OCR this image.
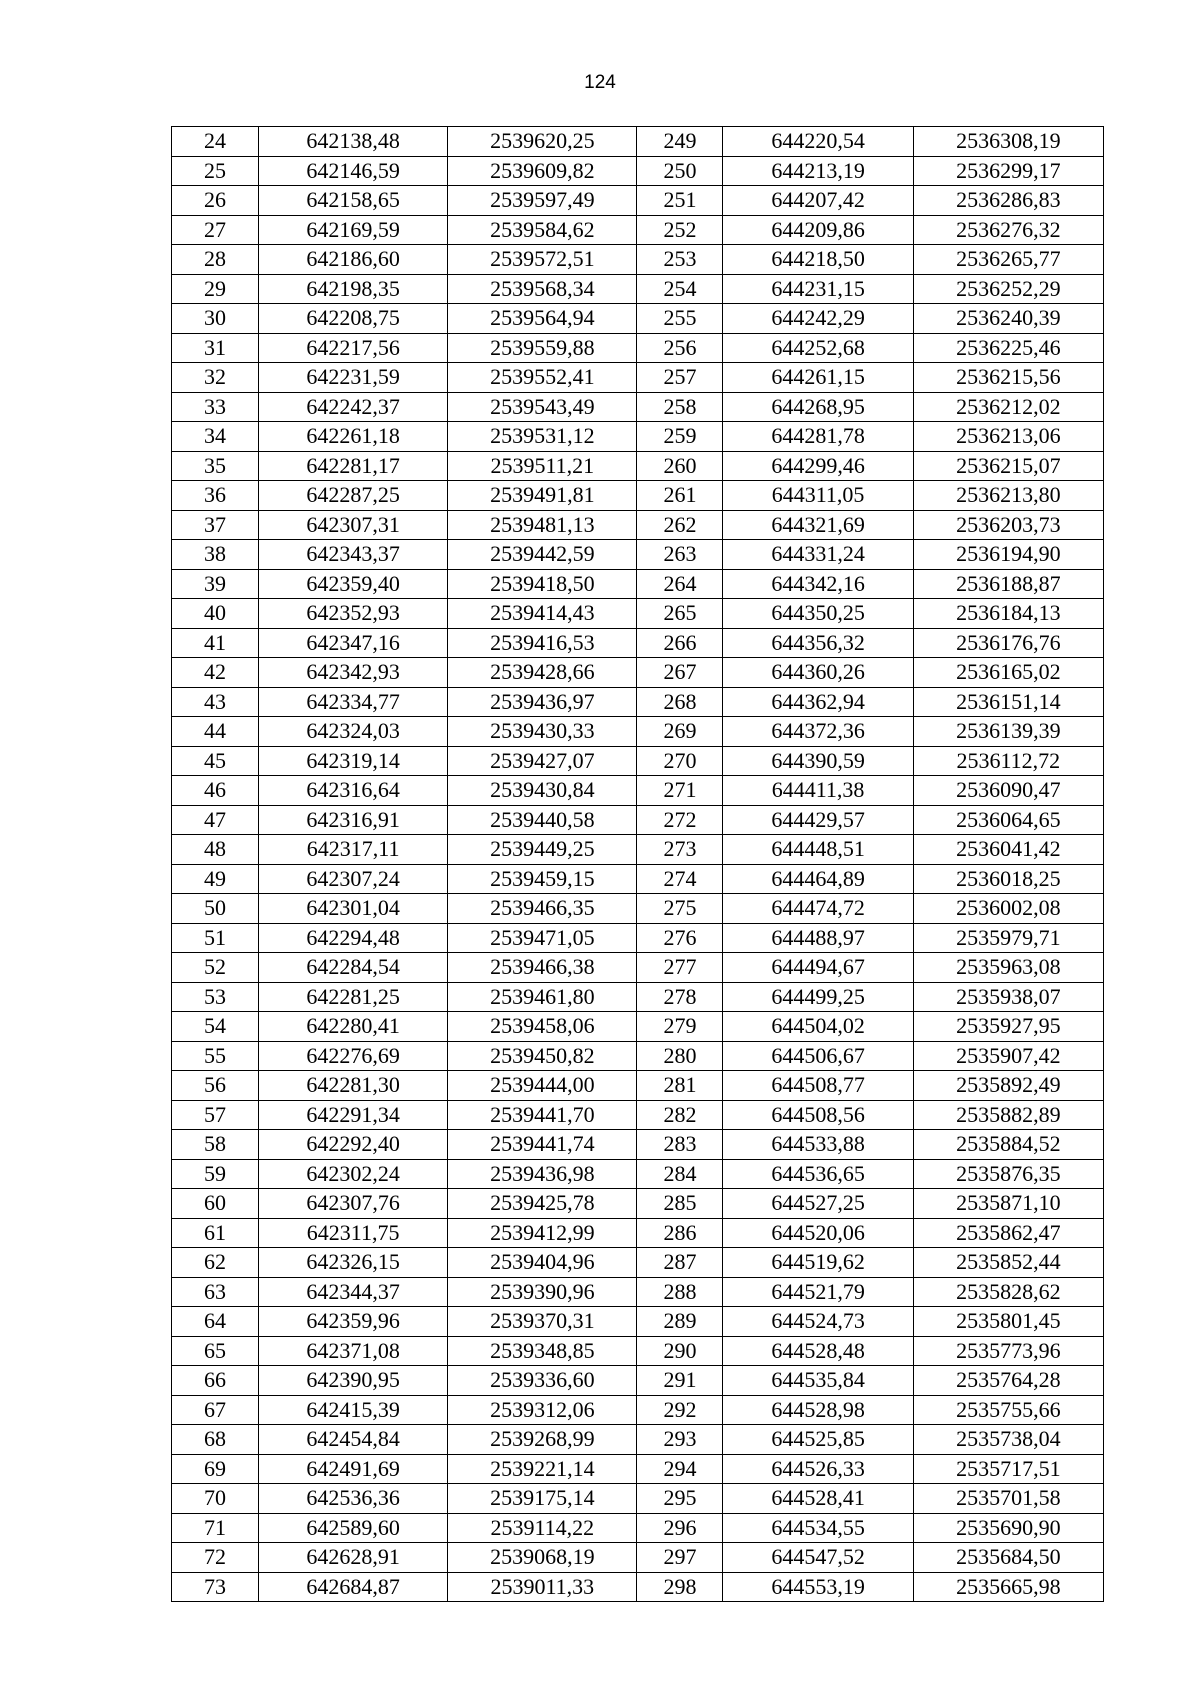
124
24	642138,48	2539620,25	249	644220,54	2536308,19
25	642146,59	2539609,82	250	644213,19	2536299,17
26	642158,65	2539597,49	251	644207,42	2536286,83
27	642169,59	2539584,62	252	644209,86	2536276,32
28	642186,60	2539572,51	253	644218,50	2536265,77
29	642198,35	2539568,34	254	644231,15	2536252,29
30	642208,75	2539564,94	255	644242,29	2536240,39
31	642217,56	2539559,88	256	644252,68	2536225,46
32	642231,59	2539552,41	257	644261,15	2536215,56
33	642242,37	2539543,49	258	644268,95	2536212,02
34	642261,18	2539531,12	259	644281,78	2536213,06
35	642281,17	2539511,21	260	644299,46	2536215,07
36	642287,25	2539491,81	261	644311,05	2536213,80
37	642307,31	2539481,13	262	644321,69	2536203,73
38	642343,37	2539442,59	263	644331,24	2536194,90
39	642359,40	2539418,50	264	644342,16	2536188,87
40	642352,93	2539414,43	265	644350,25	2536184,13
41	642347,16	2539416,53	266	644356,32	2536176,76
42	642342,93	2539428,66	267	644360,26	2536165,02
43	642334,77	2539436,97	268	644362,94	2536151,14
44	642324,03	2539430,33	269	644372,36	2536139,39
45	642319,14	2539427,07	270	644390,59	2536112,72
46	642316,64	2539430,84	271	644411,38	2536090,47
47	642316,91	2539440,58	272	644429,57	2536064,65
48	642317,11	2539449,25	273	644448,51	2536041,42
49	642307,24	2539459,15	274	644464,89	2536018,25
50	642301,04	2539466,35	275	644474,72	2536002,08
51	642294,48	2539471,05	276	644488,97	2535979,71
52	642284,54	2539466,38	277	644494,67	2535963,08
53	642281,25	2539461,80	278	644499,25	2535938,07
54	642280,41	2539458,06	279	644504,02	2535927,95
55	642276,69	2539450,82	280	644506,67	2535907,42
56	642281,30	2539444,00	281	644508,77	2535892,49
57	642291,34	2539441,70	282	644508,56	2535882,89
58	642292,40	2539441,74	283	644533,88	2535884,52
59	642302,24	2539436,98	284	644536,65	2535876,35
60	642307,76	2539425,78	285	644527,25	2535871,10
61	642311,75	2539412,99	286	644520,06	2535862,47
62	642326,15	2539404,96	287	644519,62	2535852,44
63	642344,37	2539390,96	288	644521,79	2535828,62
64	642359,96	2539370,31	289	644524,73	2535801,45
65	642371,08	2539348,85	290	644528,48	2535773,96
66	642390,95	2539336,60	291	644535,84	2535764,28
67	642415,39	2539312,06	292	644528,98	2535755,66
68	642454,84	2539268,99	293	644525,85	2535738,04
69	642491,69	2539221,14	294	644526,33	2535717,51
70	642536,36	2539175,14	295	644528,41	2535701,58
71	642589,60	2539114,22	296	644534,55	2535690,90
72	642628,91	2539068,19	297	644547,52	2535684,50
73	642684,87	2539011,33	298	644553,19	2535665,98
